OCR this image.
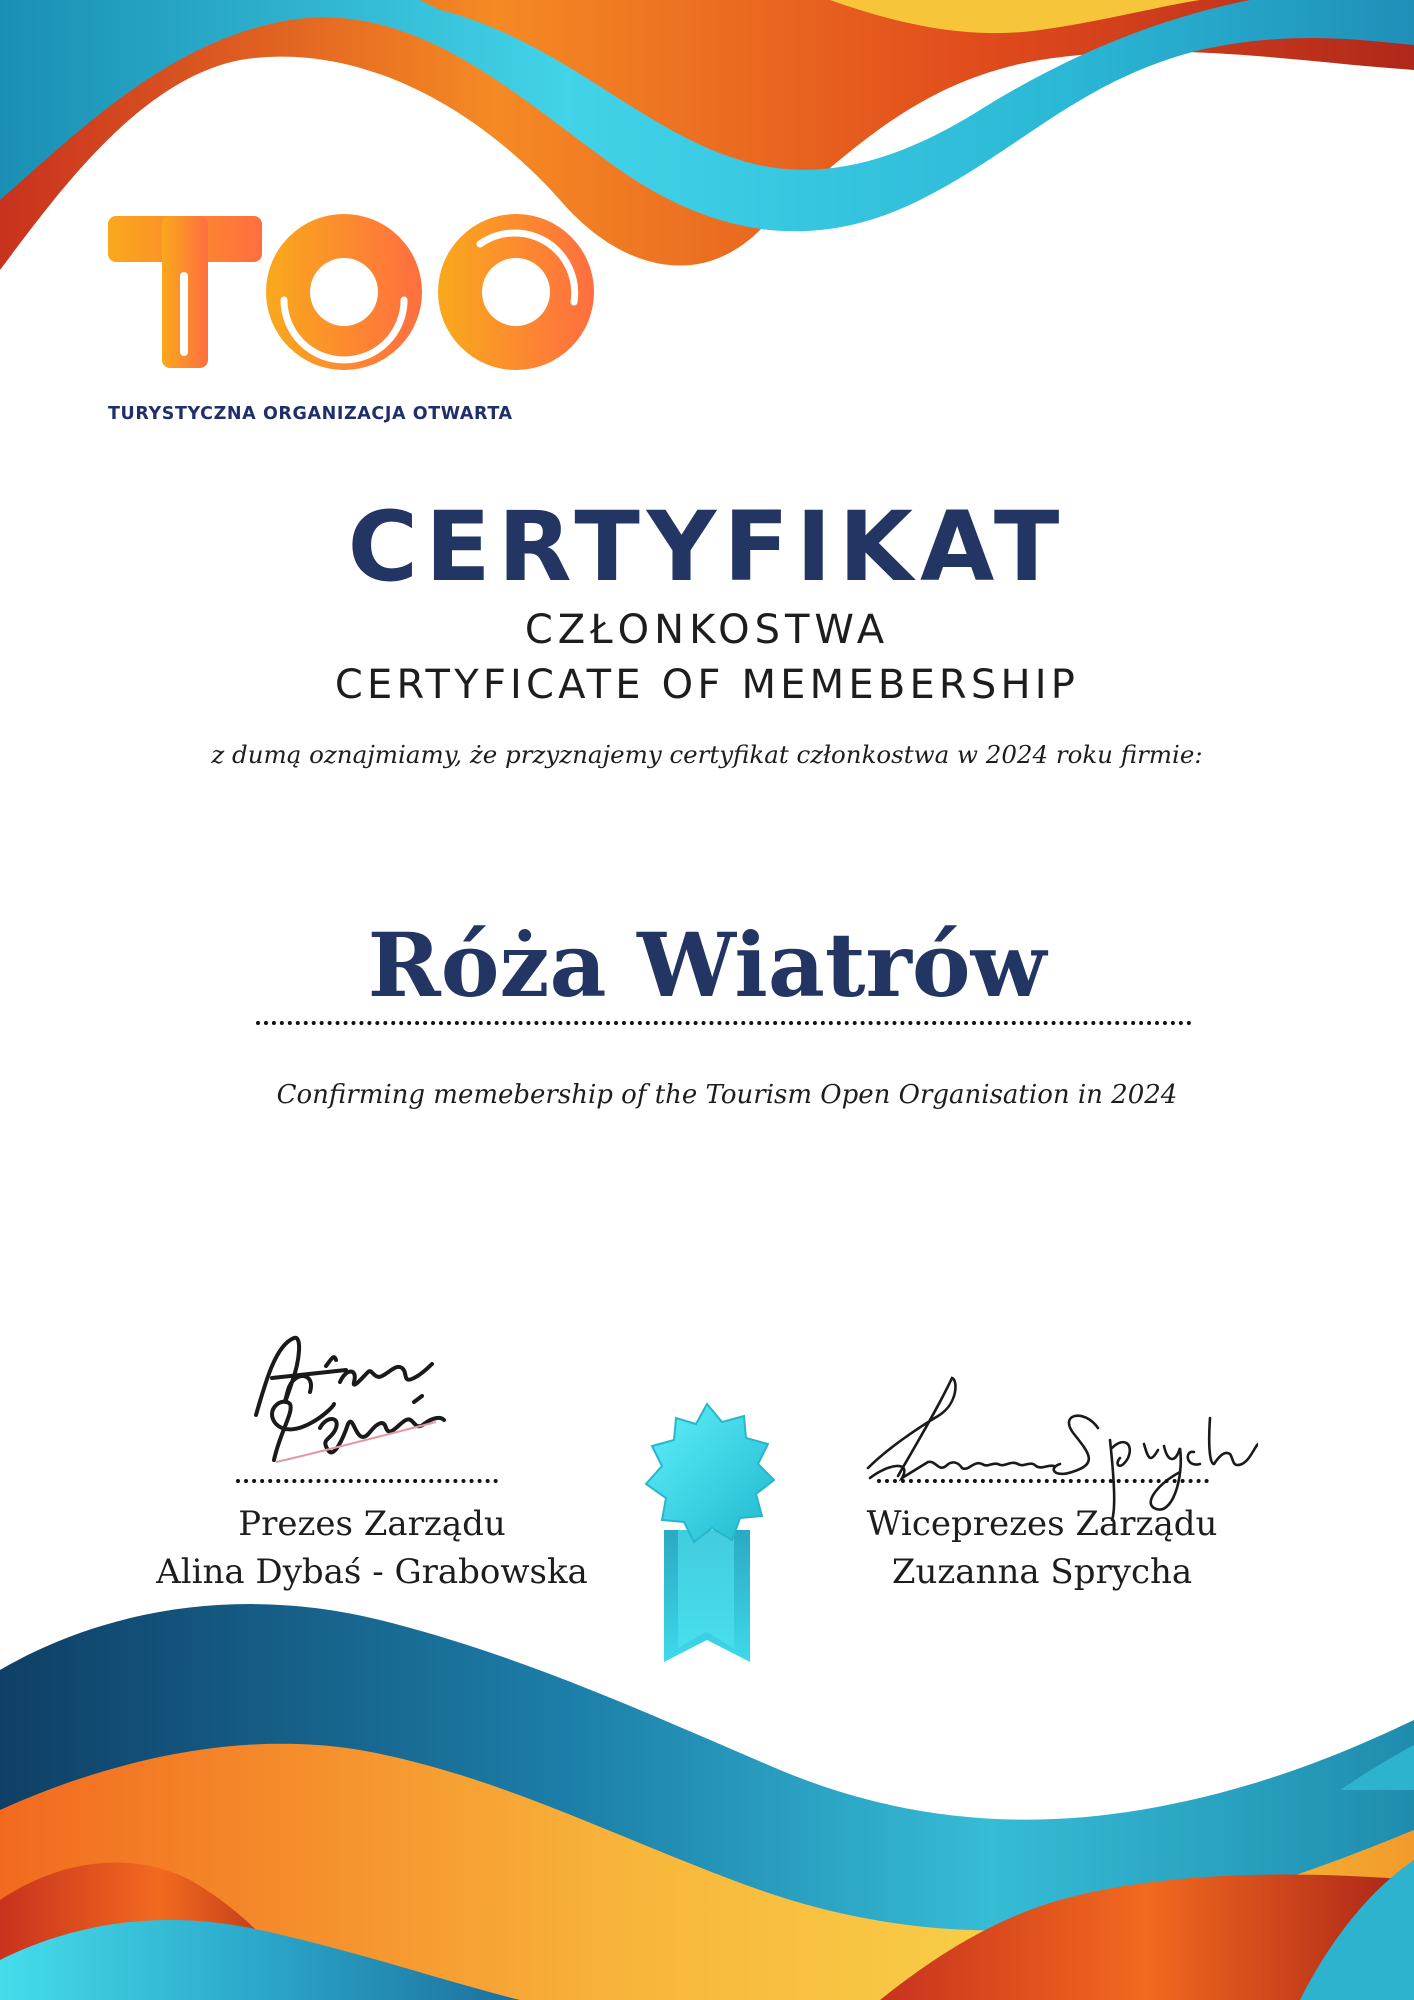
TURYSTYCZNA ORGANIZACJA OTWARTA
CERTYFIKAT
CZŁONKOSTWA
CERTYFICATE OF MEMEBERSHIP
z dumą oznajmiamy, że przyznajemy certyfikat członkostwa w 2024 roku firmie:
Róża Wiatrów
Confirming memebership of the Tourism Open Organisation in 2024
Prezes Zarządu
Alina Dybaś - Grabowska
Wiceprezes Zarządu
Zuzanna Sprycha
